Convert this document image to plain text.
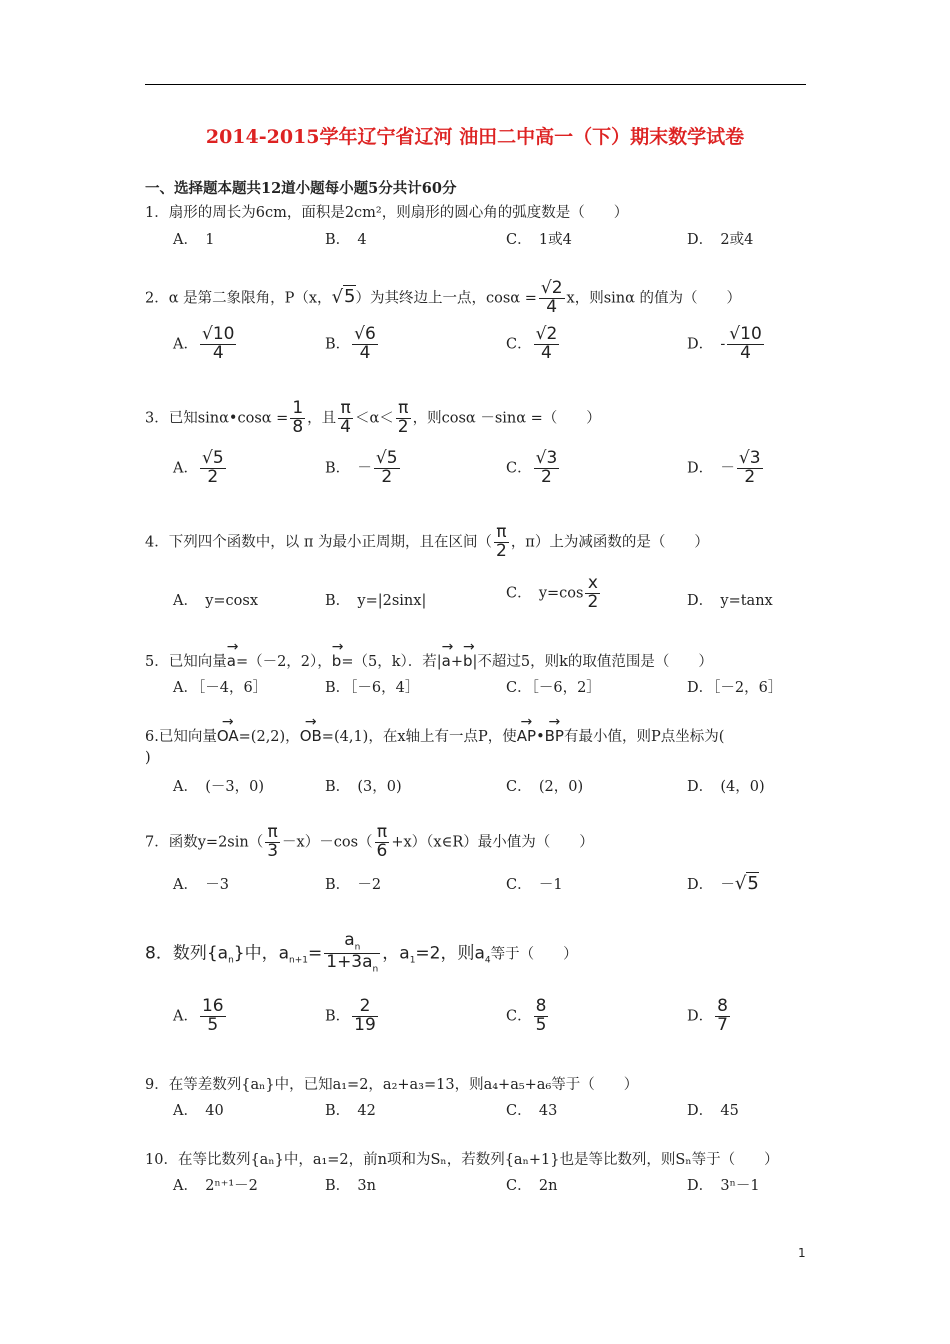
2014-2015学年辽宁省辽河 油田二中高一（下）期末数学试卷
一、选择题本题共12道小题每小题5分共计60分
1．扇形的周长为6cm，面积是2cm²，则扇形的圆心角的弧度数是（　　）
A．　1	B．　4	C．　1或4	D．　2或4
2．α 是第二象限角，P（x，√5）为其终边上一点，$\cos\alpha = \frac{√2}{4}$ x，则sinα 的值为（　　）
A． $\frac{√10}{4}$	B． $\frac{√6}{4}$	C． $\frac{√2}{4}$	D．　- $\frac{√10}{4}$
3．已知sinα•cosα = $\frac{1}{8}$ ，且 $\frac{\pi}{4} <\alpha< \frac{\pi}{2}$ ，则cosα －sinα =（　　）
A． $\frac{√5}{2}$	B．　－ $\frac{√5}{2}$	C． $\frac{√3}{2}$	D．　－ $\frac{√3}{2}$
4．下列四个函数中，以 π 为最小正周期，且在区间（ $\frac{\pi}{2}$ ，π）上为减函数的是（　　）
A．　y=cosx	B．　y=|2sinx|	C．　$y=\cos \frac{x}{2}$	D．　y=tanx
5．已知向量→ a=（－2，2），→ b=（5，k）．若|→ a+→ b|不超过5，则k的取值范围是（　　）
A．［－4，6］	B．［－6，4］	C．［－6，2］	D．［－2，6］
6.已知向量→ OA=(2,2)，→ OB=(4,1)，在x轴上有一点P，使→ AP•→ BP有最小值，则P点坐标为(
)
A．　(－3，0)	B．　(3，0)	C．　(2，0)	D．　(4，0)
7．函数$y=2\sin( \frac{\pi}{3} -x)-\cos( \frac{\pi}{6}$ +x）（x∈R）最小值为（　　）
A．　－3	B．　－2	C．　－1	D．　－√5
8．数列$\{a_n\}$中，$a_{n+1}= \frac{a_n}{1+3a_n}$ ，$a_1=2$，则$a_4$等于（　　）
A． $\frac{16}{5}$	B． $\frac{2}{19}$	C． $\frac{8}{5}$	D． $\frac{8}{7}$
9．在等差数列{aₙ}中，已知a₁=2，a₂+a₃=13，则a₄+a₅+a₆等于（　　）
A．　40	B．　42	C．　43	D．　45
10．在等比数列{aₙ}中，a₁=2，前n项和为Sₙ，若数列{aₙ+1}也是等比数列，则Sₙ等于（　　）
A．　2ⁿ⁺¹－2	B．　3n	C．　2n	D．　3ⁿ－1
1
